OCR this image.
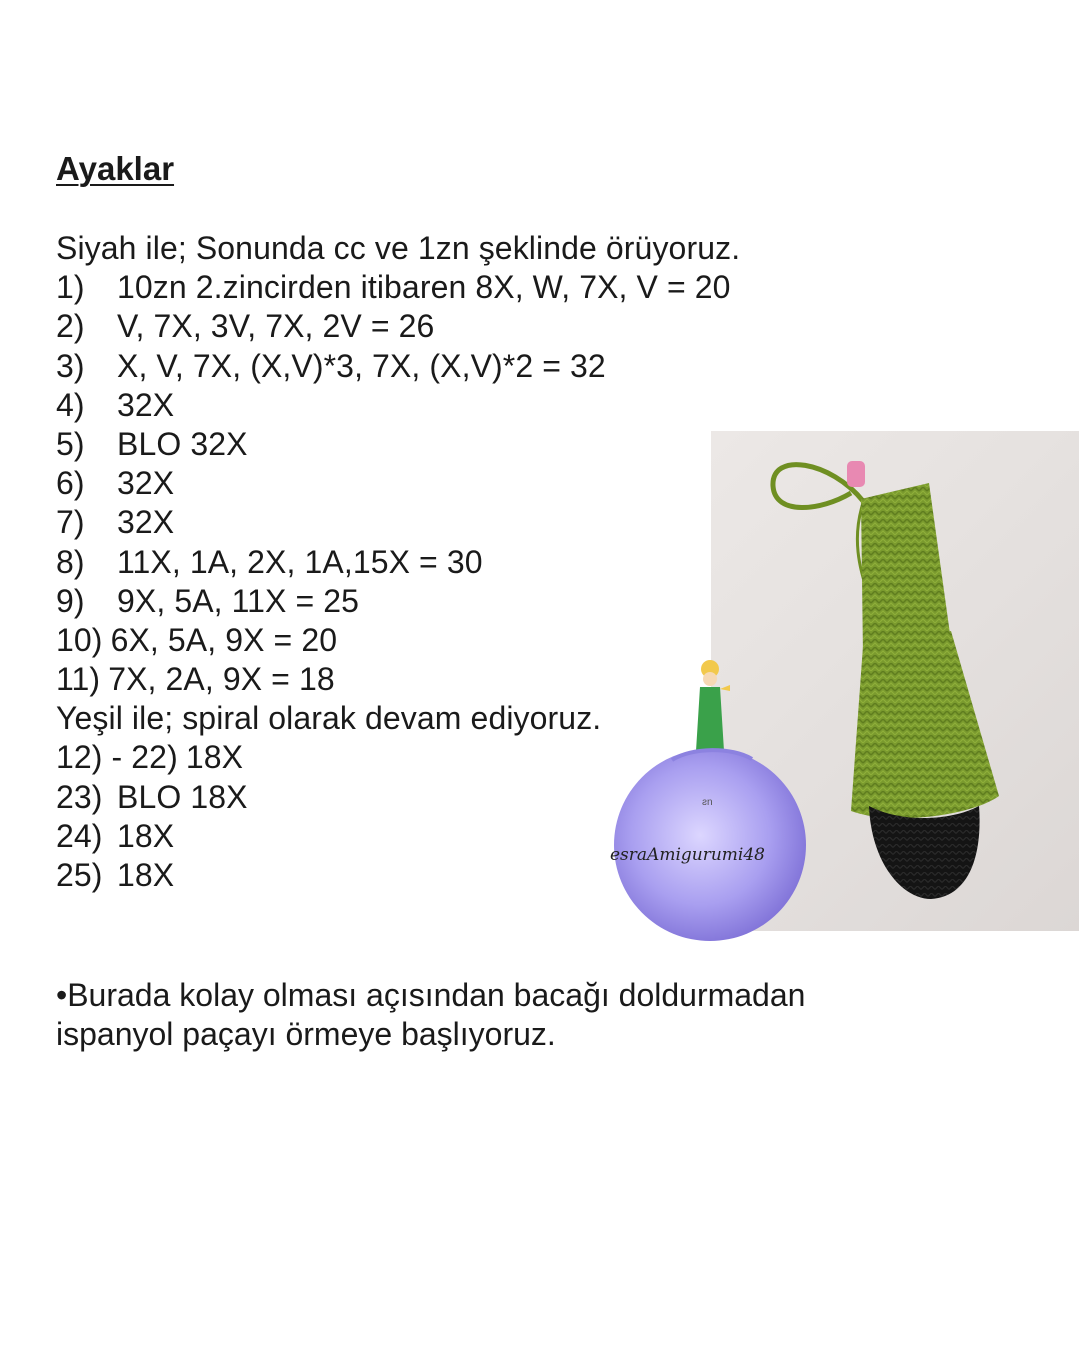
Ayaklar
Siyah ile; Sonunda cc ve 1zn şeklinde örüyoruz.
1)	10zn 2.zincirden itibaren 8X, W, 7X, V = 20
2)	V, 7X, 3V, 7X, 2V = 26
3)	X, V, 7X, (X,V)*3, 7X, (X,V)*2 = 32
4)	32X
5)	BLO 32X
6)	32X
7)	32X
8)	11X, 1A, 2X, 1A,15X = 30
9)	9X, 5A, 11X = 25
10) 6X, 5A, 9X = 20
11) 7X, 2A, 9X = 18
Yeşil ile; spiral olarak devam ediyoruz.
12) - 22) 18X
23) BLO 18X
24) 18X
25) 18X
ƨn
esraAmigurumi48
•Burada kolay olması açısından bacağı doldurmadan
ispanyol paçayı örmeye başlıyoruz.
